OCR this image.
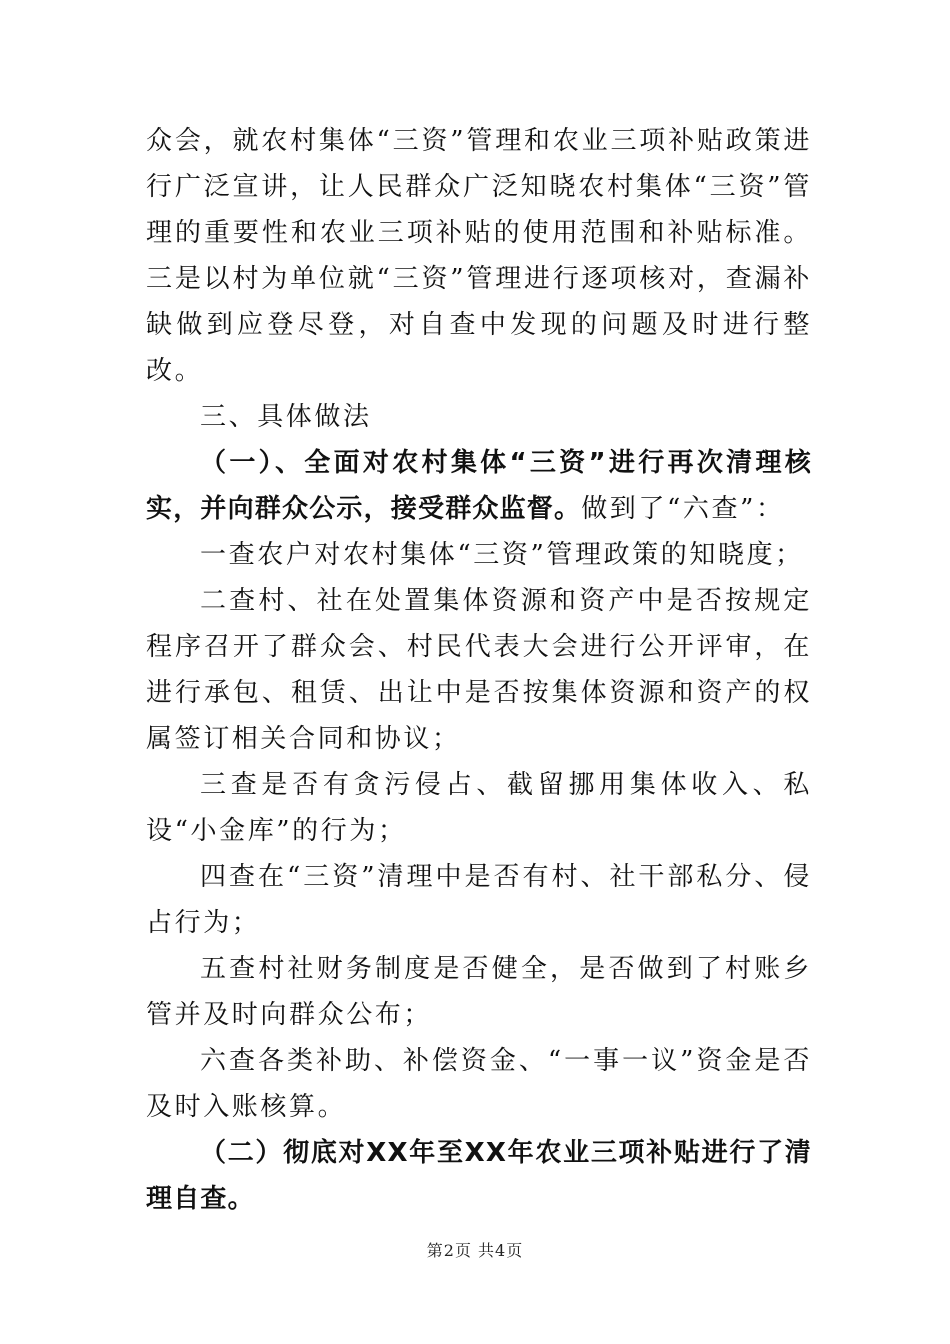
众会，就农村集体“三资”管理和农业三项补贴政策进行广泛宣讲，让人民群众广泛知晓农村集体“三资”管理的重要性和农业三项补贴的使用范围和补贴标准。三是以村为单位就“三资”管理进行逐项核对，查漏补缺做到应登尽登，对自查中发现的问题及时进行整改。

三、具体做法

（一）、全面对农村集体“三资”进行再次清理核实，并向群众公示，接受群众监督。做到了“六查”：

一查农户对农村集体“三资”管理政策的知晓度；

二查村、社在处置集体资源和资产中是否按规定程序召开了群众会、村民代表大会进行公开评审，在进行承包、租赁、出让中是否按集体资源和资产的权属签订相关合同和协议；

三查是否有贪污侵占、截留挪用集体收入、私设“小金库”的行为；

四查在“三资”清理中是否有村、社干部私分、侵占行为；

五查村社财务制度是否健全，是否做到了村账乡管并及时向群众公布；

六查各类补助、补偿资金、“一事一议”资金是否及时入账核算。

（二）彻底对XX年至XX年农业三项补贴进行了清理自查。

第2页 共4页
